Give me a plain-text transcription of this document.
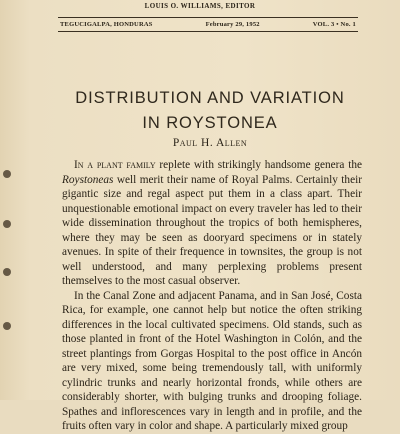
LOUIS O. WILLIAMS, EDITOR
TEGUCIGALPA, HONDURAS	February 29, 1952	VOL. 3 • No. 1
DISTRIBUTION AND VARIATION
IN ROYSTONEA
Paul H. Allen

In a plant family replete with strikingly handsome genera the Roystoneas well merit their name of Royal Palms. Certainly their gigantic size and regal aspect put them in a class apart. Their unquestionable emotional impact on every traveler has led to their wide dissemination throughout the tropics of both hemispheres, where they may be seen as dooryard specimens or in stately avenues. In spite of their frequence in townsites, the group is not well understood, and many perplexing problems present themselves to the most casual observer.

In the Canal Zone and adjacent Panama, and in San José, Costa Rica, for example, one cannot help but notice the often striking differences in the local cultivated specimens. Old stands, such as those planted in front of the Hotel Washington in Colón, and the street plantings from Gorgas Hospital to the post office in Ancón are very mixed, some being tremendously tall, with uniformly cylindric trunks and nearly horizontal fronds, while others are considerably shorter, with bulging trunks and drooping foliage. Spathes and inflorescences vary in length and in profile, and the fruits often vary in color and shape. A particularly mixed group
